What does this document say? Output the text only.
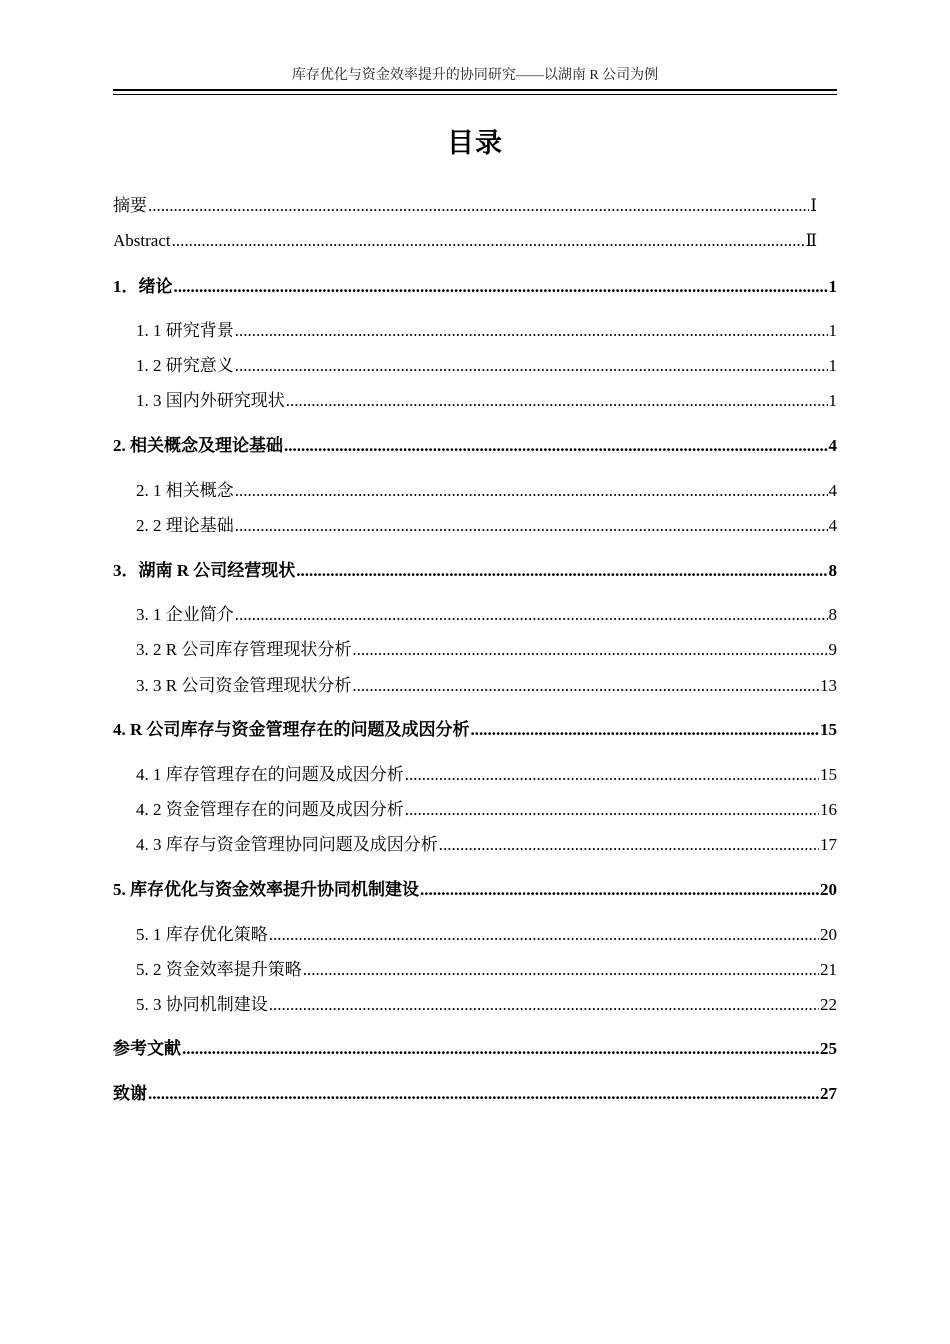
库存优化与资金效率提升的协同研究——以湖南 R 公司为例
目录
摘要 .....	Ⅰ
Abstract .....	Ⅱ
1．绪论 .....	1
1. 1 研究背景 .....	1
1. 2 研究意义 .....	1
1. 3 国内外研究现状 .....	1
2. 相关概念及理论基础 .....	4
2. 1 相关概念 .....	4
2. 2 理论基础 .....	4
3．湖南 R 公司经营现状 .....	8
3. 1 企业简介 .....	8
3. 2 R 公司库存管理现状分析 .....	9
3. 3 R 公司资金管理现状分析 .....	13
4. R 公司库存与资金管理存在的问题及成因分析 .....	15
4. 1 库存管理存在的问题及成因分析 .....	15
4. 2 资金管理存在的问题及成因分析 .....	16
4. 3 库存与资金管理协同问题及成因分析 .....	17
5. 库存优化与资金效率提升协同机制建设 .....	20
5. 1 库存优化策略 .....	20
5. 2 资金效率提升策略 .....	21
5. 3 协同机制建设 .....	22
参考文献 .....	25
致谢 .....	27
